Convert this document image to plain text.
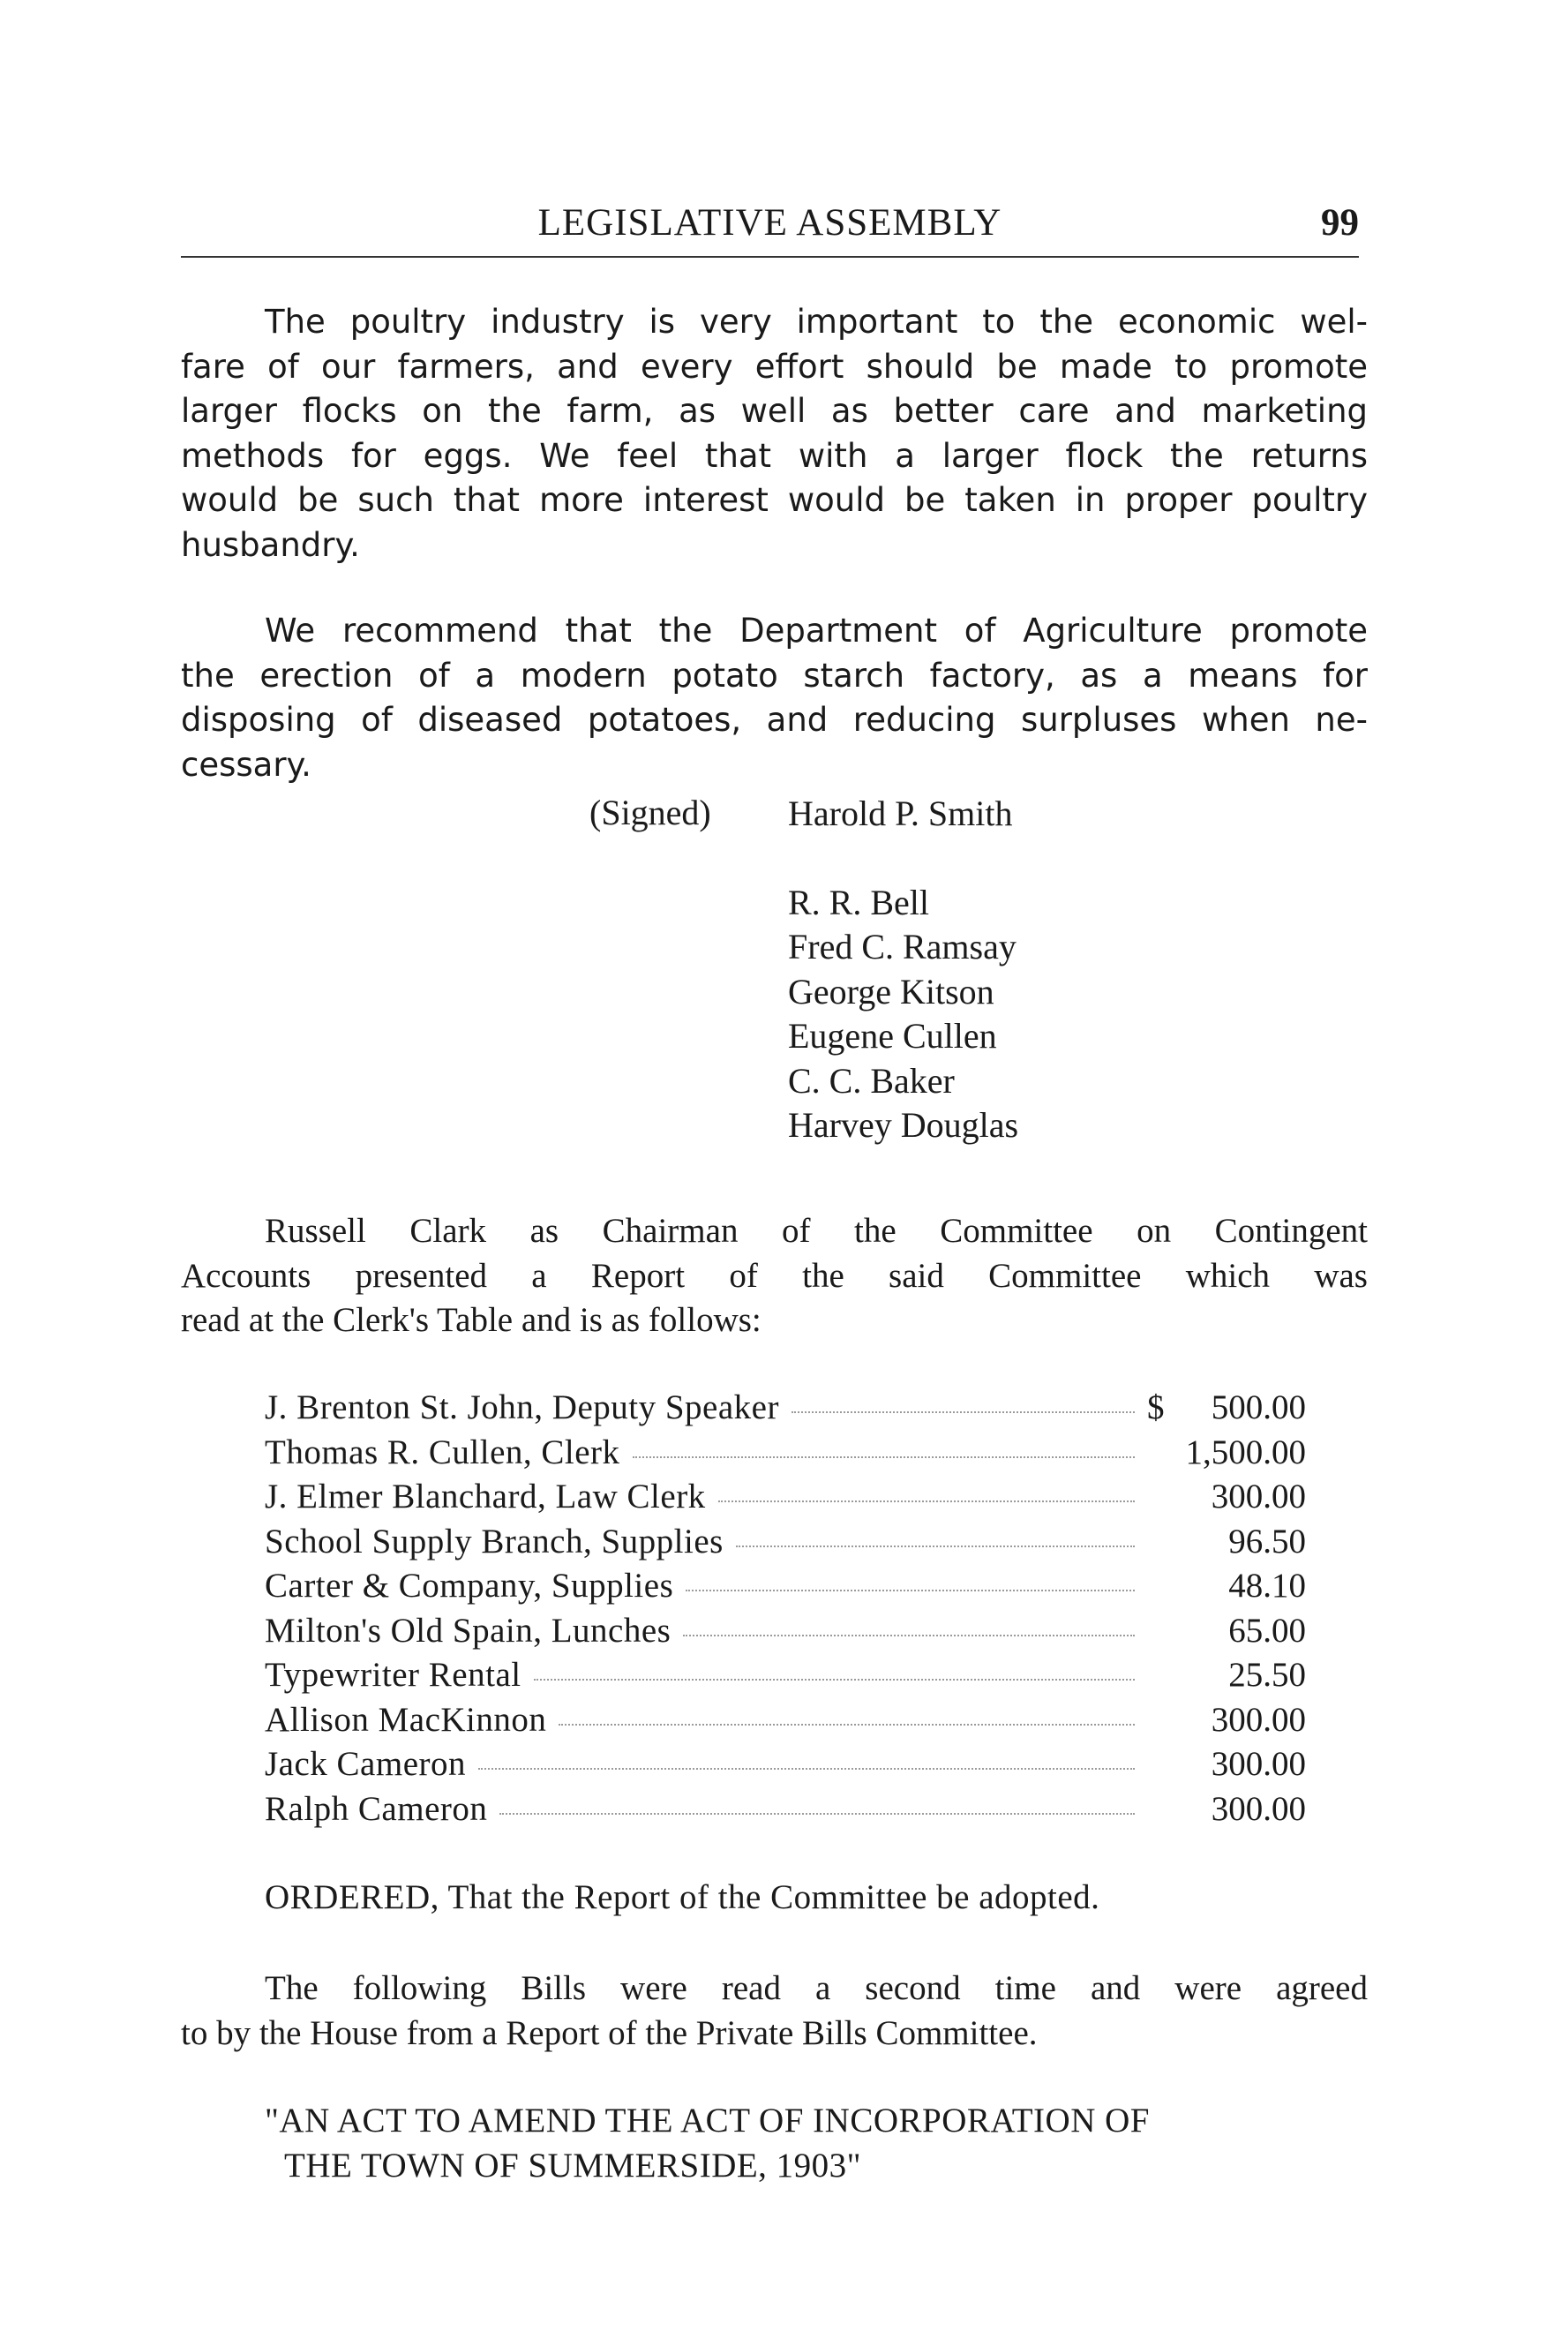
LEGISLATIVE ASSEMBLY	99
The poultry industry is very important to the economic wel-
fare of our farmers, and every effort should be made to promote
larger flocks on the farm, as well as better care and marketing
methods for eggs. We feel that with a larger flock the returns
would be such that more interest would be taken in proper poultry
husbandry.
We recommend that the Department of Agriculture promote
the erection of a modern potato starch factory, as a means for
disposing of diseased potatoes, and reducing surpluses when ne-
cessary.
(Signed) Harold P. Smith
R. R. Bell
Fred C. Ramsay
George Kitson
Eugene Cullen
C. C. Baker
Harvey Douglas
Russell Clark as Chairman of the Committee on Contingent
Accounts presented a Report of the said Committee which was
read at the Clerk's Table and is as follows:
J. Brenton St. John, Deputy Speaker	$	500.00
Thomas R. Cullen, Clerk	1,500.00
J. Elmer Blanchard, Law Clerk	300.00
School Supply Branch, Supplies	96.50
Carter & Company, Supplies	48.10
Milton's Old Spain, Lunches	65.00
Typewriter Rental	25.50
Allison MacKinnon	300.00
Jack Cameron	300.00
Ralph Cameron	300.00
ORDERED, That the Report of the Committee be adopted.
The following Bills were read a second time and were agreed
to by the House from a Report of the Private Bills Committee.
"AN ACT TO AMEND THE ACT OF INCORPORATION OF
THE TOWN OF SUMMERSIDE, 1903"
